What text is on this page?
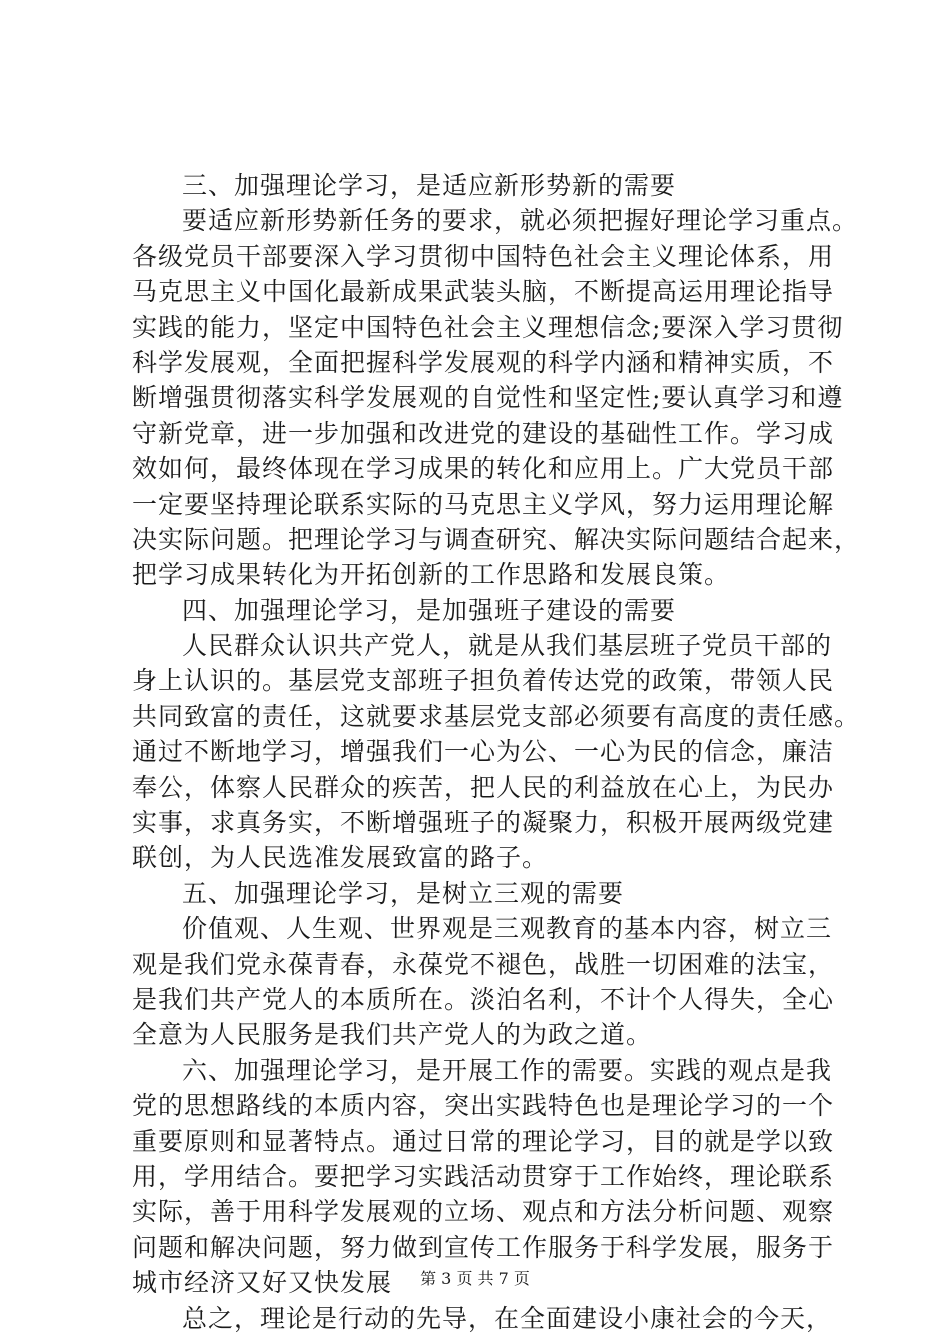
三、加强理论学习，是适应新形势新的需要
要适应新形势新任务的要求，就必须把握好理论学习重点。
各级党员干部要深入学习贯彻中国特色社会主义理论体系，用
马克思主义中国化最新成果武装头脑，不断提高运用理论指导
实践的能力，坚定中国特色社会主义理想信念;要深入学习贯彻
科学发展观，全面把握科学发展观的科学内涵和精神实质，不
断增强贯彻落实科学发展观的自觉性和坚定性;要认真学习和遵
守新党章，进一步加强和改进党的建设的基础性工作。学习成
效如何，最终体现在学习成果的转化和应用上。广大党员干部
一定要坚持理论联系实际的马克思主义学风，努力运用理论解
决实际问题。把理论学习与调查研究、解决实际问题结合起来，
把学习成果转化为开拓创新的工作思路和发展良策。
四、加强理论学习，是加强班子建设的需要
人民群众认识共产党人，就是从我们基层班子党员干部的
身上认识的。基层党支部班子担负着传达党的政策，带领人民
共同致富的责任，这就要求基层党支部必须要有高度的责任感。
通过不断地学习，增强我们一心为公、一心为民的信念，廉洁
奉公，体察人民群众的疾苦，把人民的利益放在心上，为民办
实事，求真务实，不断增强班子的凝聚力，积极开展两级党建
联创，为人民选准发展致富的路子。
五、加强理论学习，是树立三观的需要
价值观、人生观、世界观是三观教育的基本内容，树立三
观是我们党永葆青春，永葆党不褪色，战胜一切困难的法宝，
是我们共产党人的本质所在。淡泊名利，不计个人得失，全心
全意为人民服务是我们共产党人的为政之道。
六、加强理论学习，是开展工作的需要。实践的观点是我
党的思想路线的本质内容，突出实践特色也是理论学习的一个
重要原则和显著特点。通过日常的理论学习，目的就是学以致
用，学用结合。要把学习实践活动贯穿于工作始终，理论联系
实际，善于用科学发展观的立场、观点和方法分析问题、观察
问题和解决问题，努力做到宣传工作服务于科学发展，服务于
城市经济又好又快发展
总之，理论是行动的先导，在全面建设小康社会的今天，
第 3 页 共 7 页
